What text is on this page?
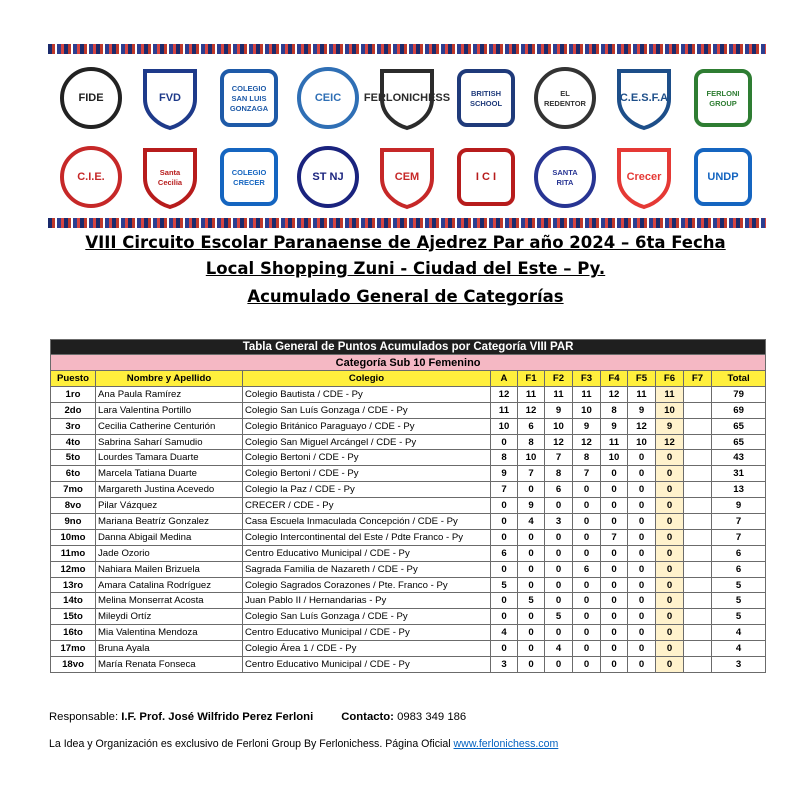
FIDE	FVD
COLEGIO
SAN LUIS
GONZAGA
CEIC FERLONICHESS	BRITISH
SCHOOL
EL
REDENTOR	C.E.S.F.A	FERLONI
GROUP
C.I.E.	Santa
Cecilia
COLEGIO
CRECER	ST NJ	CEM	I C I	SANTA
RITA	Crecer	UNDP
VIII Circuito Escolar Paranaense de Ajedrez Par año 2024 – 6ta Fecha
Local Shopping Zuni - Ciudad del Este – Py.
Acumulado General de Categorías
Tabla General de Puntos Acumulados por Categoría VIII PAR											
Categoría Sub 10 Femenino											
Puesto	Nombre y Apellido	Colegio	A	F1	F2	F3	F4	F5	F6	F7	Total
1ro	Ana Paula Ramírez	Colegio Bautista / CDE - Py	12	11	11	11	12	11	11		79
2do	Lara Valentina Portillo	Colegio San Luís Gonzaga / CDE - Py	11	12	9	10	8	9	10		69
3ro	Cecilia Catherine Centurión	Colegio Británico Paraguayo / CDE - Py	10	6	10	9	9	12	9		65
4to	Sabrina Saharí Samudio	Colegio San Miguel Arcángel / CDE - Py	0	8	12	12	11	10	12		65
5to	Lourdes Tamara Duarte	Colegio Bertoni / CDE - Py	8	10	7	8	10	0	0		43
6to	Marcela Tatiana Duarte	Colegio Bertoni / CDE - Py	9	7	8	7	0	0	0		31
7mo	Margareth Justina Acevedo	Colegio la Paz / CDE - Py	7	0	6	0	0	0	0		13
8vo	Pilar Vázquez	CRECER / CDE - Py	0	9	0	0	0	0	0		9
9no	Mariana Beatríz Gonzalez	Casa Escuela Inmaculada Concepción / CDE - Py	0	4	3	0	0	0	0		7
10mo	Danna Abigail Medina	Colegio Intercontinental del Este / Pdte Franco - Py	0	0	0	0	7	0	0		7
11mo	Jade Ozorio	Centro Educativo Municipal / CDE - Py	6	0	0	0	0	0	0		6
12mo	Nahiara Mailen Brizuela	Sagrada Familia de Nazareth / CDE - Py	0	0	0	6	0	0	0		6
13ro	Amara Catalina Rodríguez	Colegio Sagrados Corazones / Pte. Franco - Py	5	0	0	0	0	0	0		5
14to	Melina Monserrat Acosta	Juan Pablo II / Hernandarias - Py	0	5	0	0	0	0	0		5
15to	Mileydi Ortíz	Colegio San Luís Gonzaga / CDE - Py	0	0	5	0	0	0	0		5
16to	Mia Valentina Mendoza	Centro Educativo Municipal / CDE - Py	4	0	0	0	0	0	0		4
17mo	Bruna Ayala	Colegio Área 1 / CDE - Py	0	0	4	0	0	0	0		4
18vo	María Renata Fonseca	Centro Educativo Municipal / CDE - Py	3	0	0	0	0	0	0		3
Responsable: I.F. Prof. José Wilfrido Perez Ferloni Contacto: 0983 349 186
La Idea y Organización es exclusivo de Ferloni Group By Ferlonichess. Página Oficial www.ferlonichess.com
